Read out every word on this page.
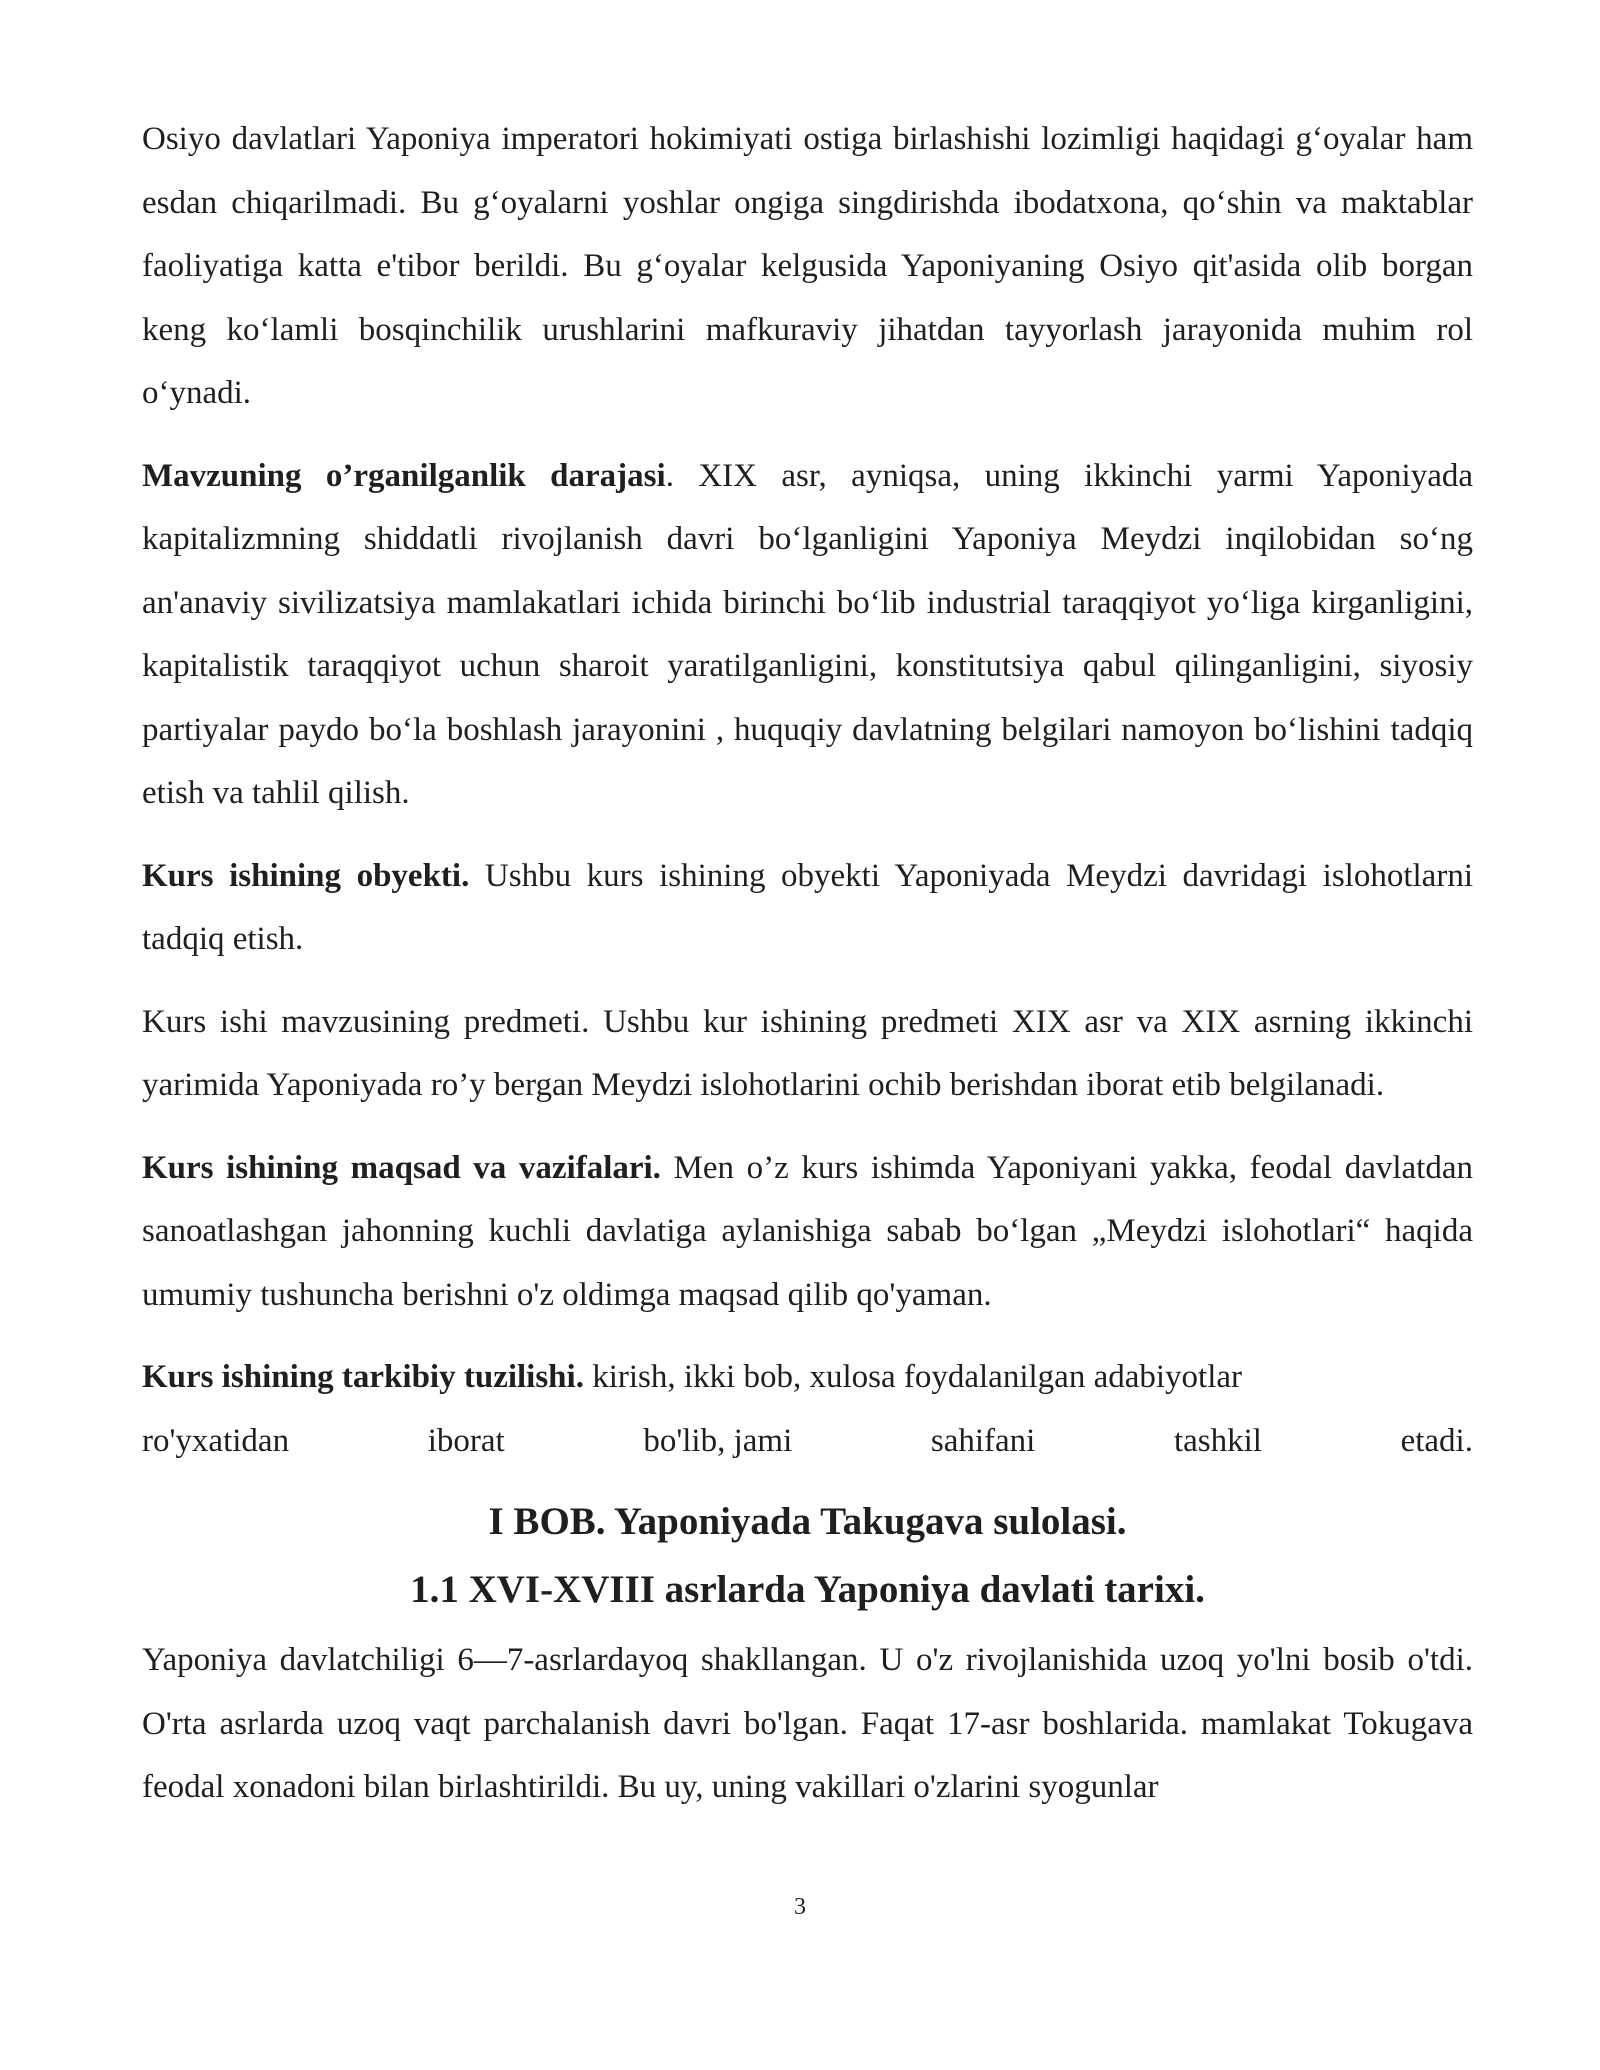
Osiyo davlatlari Yaponiya imperatori hokimiyati ostiga birlashishi lozimligi haqidagi g‘oyalar ham esdan chiqarilmadi. Bu g‘oyalarni yoshlar ongiga singdirishda ibodatxona, qo‘shin va maktablar faoliyatiga katta e'tibor berildi. Bu g‘oyalar kelgusida Yaponiyaning Osiyo qit'asida olib borgan keng ko‘lamli bosqinchilik urushlarini mafkuraviy jihatdan tayyorlash jarayonida muhim rol o‘ynadi.

Mavzuning o’rganilganlik darajasi. XIX asr, ayniqsa, uning ikkinchi yarmi Yaponiyada kapitalizmning shiddatli rivojlanish davri bo‘lganligini Yaponiya Meydzi inqilobidan so‘ng an'anaviy sivilizatsiya mamlakatlari ichida birinchi bo‘lib industrial taraqqiyot yo‘liga kirganligini, kapitalistik taraqqiyot uchun sharoit yaratilganligini, konstitutsiya qabul qilinganligini, siyosiy partiyalar paydo bo‘la boshlash jarayonini , huquqiy davlatning belgilari namoyon bo‘lishini tadqiq etish va tahlil qilish.

Kurs ishining obyekti. Ushbu kurs ishining obyekti Yaponiyada Meydzi davridagi islohotlarni tadqiq etish.

Kurs ishi mavzusining predmeti. Ushbu kur ishining predmeti XIX asr va XIX asrning ikkinchi yarimida Yaponiyada ro’y bergan Meydzi islohotlarini ochib berishdan iborat etib belgilanadi.

Kurs ishining maqsad va vazifalari. Men o’z kurs ishimda Yaponiyani yakka, feodal davlatdan sanoatlashgan jahonning kuchli davlatiga aylanishiga sabab bo‘lgan „Meydzi islohotlari“ haqida umumiy tushuncha berishni o'z oldimga maqsad qilib qo'yaman.

Kurs ishining tarkibiy tuzilishi. kirish, ikki bob, xulosa foydalanilgan adabiyotlar

ro'yxatidan	iborat	bo'lib, jami	sahifani	tashkil	etadi.
I BOB. Yaponiyada Takugava sulolasi.
1.1 XVI-XVIII asrlarda Yaponiya davlati tarixi.

Yaponiya davlatchiligi 6—7-asrlardayoq shakllangan. U o'z rivojlanishida uzoq yo'lni bosib o'tdi. O'rta asrlarda uzoq vaqt parchalanish davri bo'lgan. Faqat 17-asr boshlarida. mamlakat Tokugava feodal xonadoni bilan birlashtirildi. Bu uy, uning vakillari o'zlarini syogunlar

3
